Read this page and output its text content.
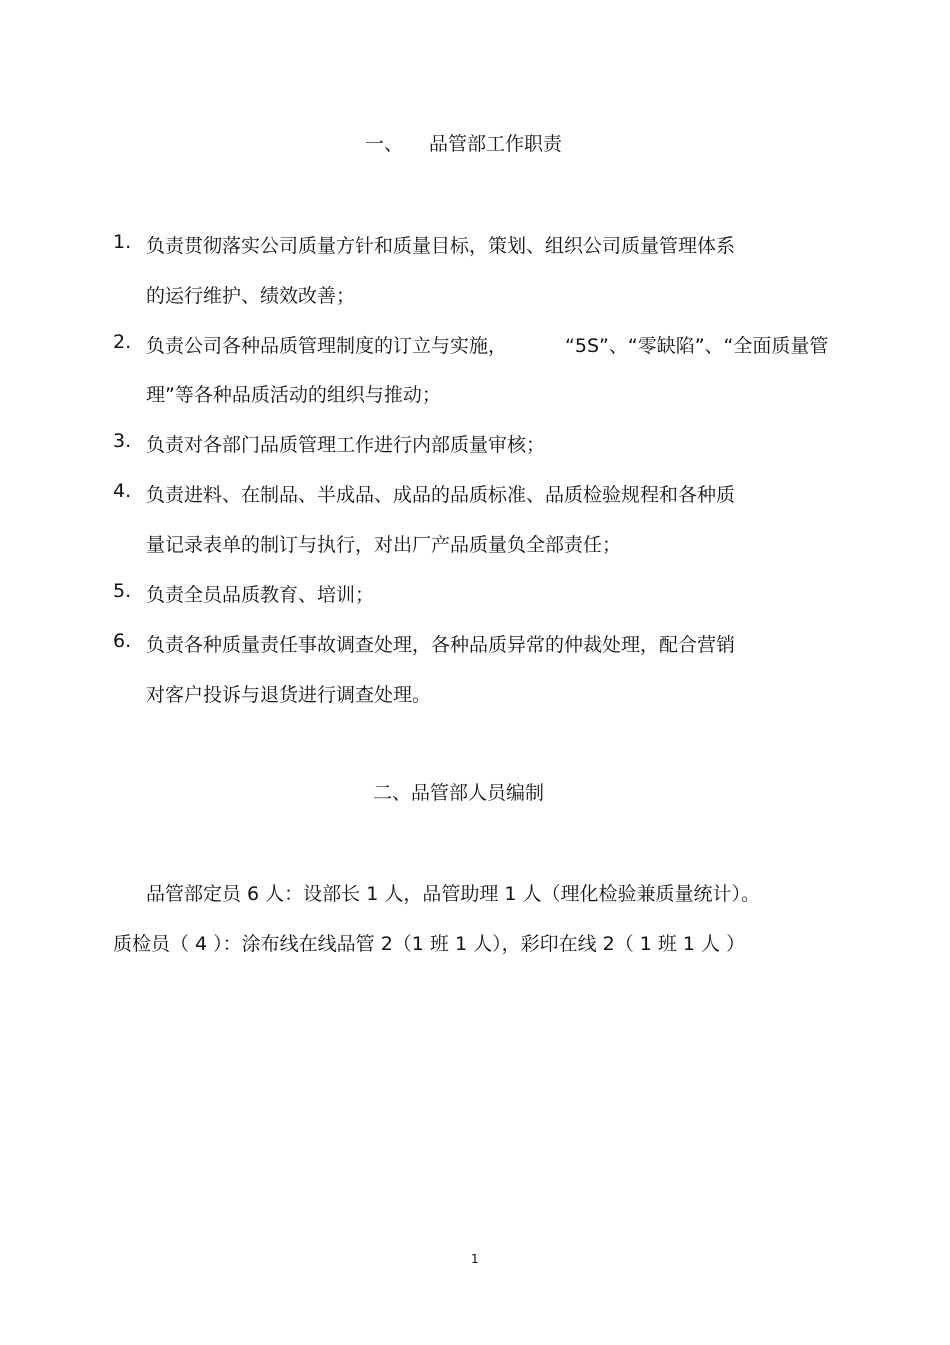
一、 品管部工作职责
1. 负责贯彻落实公司质量方针和质量目标，策划、组织公司质量管理体系
的运行维护、绩效改善；
2. 负责公司各种品质管理制度的订立与实施，	“5S”、“零缺陷”、“全面质量管
理”等各种品质活动的组织与推动；
3. 负责对各部门品质管理工作进行内部质量审核；
4. 负责进料、在制品、半成品、成品的品质标准、品质检验规程和各种质
量记录表单的制订与执行，对出厂产品质量负全部责任；
5. 负责全员品质教育、培训；
6. 负责各种质量责任事故调查处理，各种品质异常的仲裁处理，配合营销
对客户投诉与退货进行调查处理。
二、品管部人员编制
品管部定员 6 人：设部长 1 人，品管助理 1 人（理化检验兼质量统计）。
质检员（ 4 ）：涂布线在线品管 2（1 班 1 人），彩印在线 2（ 1 班 1 人 ）
1
